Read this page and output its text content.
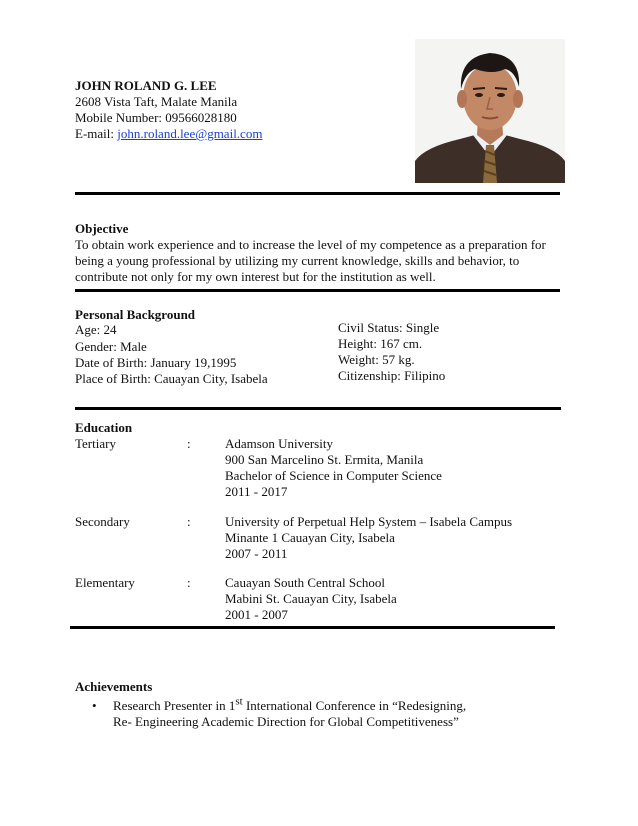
JOHN ROLAND G. LEE
2608 Vista Taft, Malate Manila
Mobile Number: 09566028180
E-mail: john.roland.lee@gmail.com
Objective
To obtain work experience and to increase the level of my competence as a preparation for
being a young professional by utilizing my current knowledge, skills and behavior, to
contribute not only for my own interest but for the institution as well.
Personal Background
Age: 24
Gender: Male
Date of Birth: January 19,1995
Place of Birth: Cauayan City, Isabela
Civil Status: Single
Height: 167 cm.
Weight: 57 kg.
Citizenship: Filipino
Education
Tertiary	:	Adamson University
900 San Marcelino St. Ermita, Manila
Bachelor of Science in Computer Science
2011 - 2017
Secondary	:	University of Perpetual Help System – Isabela Campus
Minante 1 Cauayan City, Isabela
2007 - 2011
Elementary	:	Cauayan South Central School
Mabini St. Cauayan City, Isabela
2001 - 2007
Achievements
• Research Presenter in 1st International Conference in “Redesigning,
Re- Engineering Academic Direction for Global Competitiveness”
